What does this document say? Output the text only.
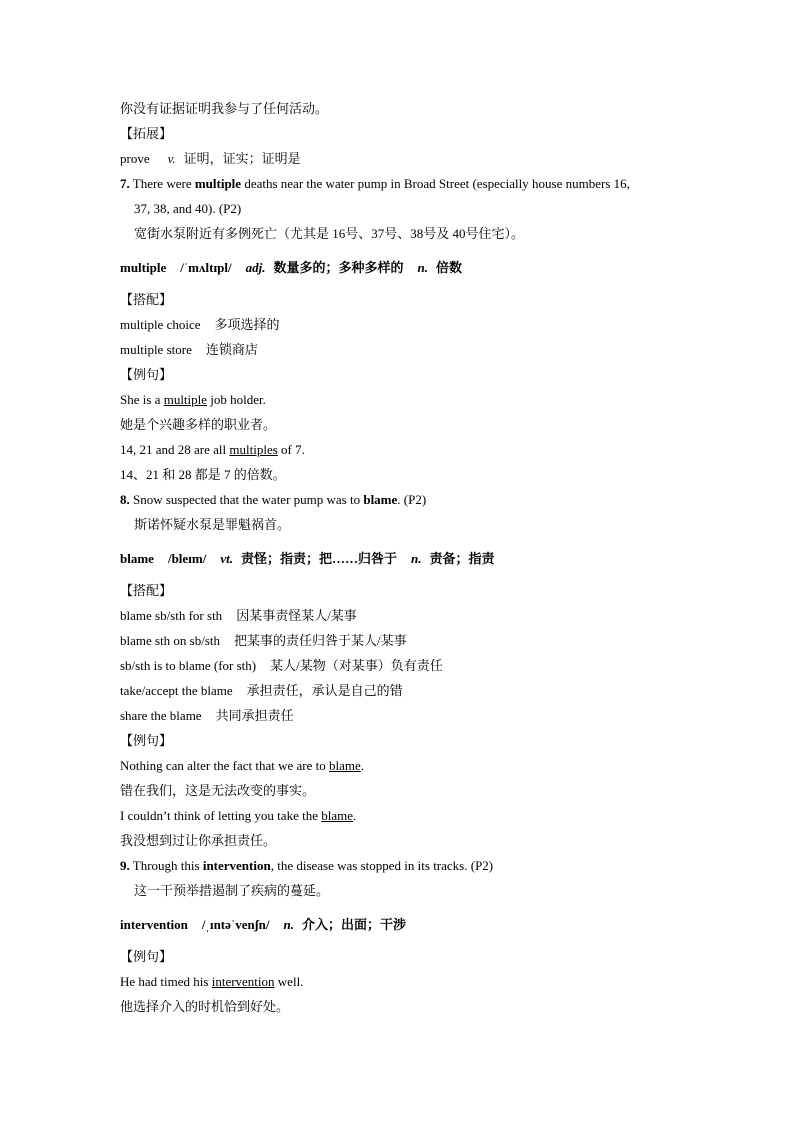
你没有证据证明我参与了任何活动。
【拓展】
prove v. 证明，证实；证明是
7. There were multiple deaths near the water pump in Broad Street (especially house numbers 16,
37, 38, and 40). (P2)
宽街水泵附近有多例死亡（尤其是 16号、37号、38号及 40号住宅）。
multiple /ˈmʌltɪpl/ adj. 数量多的；多种多样的 n. 倍数
【搭配】
multiple choice 多项选择的
multiple store 连锁商店
【例句】
She is a multiple job holder.
她是个兴趣多样的职业者。
14, 21 and 28 are all multiples of 7.
14、21 和 28 都是 7 的倍数。
8. Snow suspected that the water pump was to blame. (P2)
斯诺怀疑水泵是罪魁祸首。
blame /bleɪm/ vt. 责怪；指责；把……归咎于 n. 责备；指责
【搭配】
blame sb/sth for sth 因某事责怪某人/某事
blame sth on sb/sth 把某事的责任归咎于某人/某事
sb/sth is to blame (for sth) 某人/某物（对某事）负有责任
take/accept the blame 承担责任，承认是自己的错
share the blame 共同承担责任
【例句】
Nothing can alter the fact that we are to blame.
错在我们，这是无法改变的事实。
I couldn’t think of letting you take the blame.
我没想到过让你承担责任。
9. Through this intervention, the disease was stopped in its tracks. (P2)
这一干预举措遏制了疾病的蔓延。
intervention /ˌɪntəˈvenʃn/ n. 介入；出面；干涉
【例句】
He had timed his intervention well.
他选择介入的时机恰到好处。
